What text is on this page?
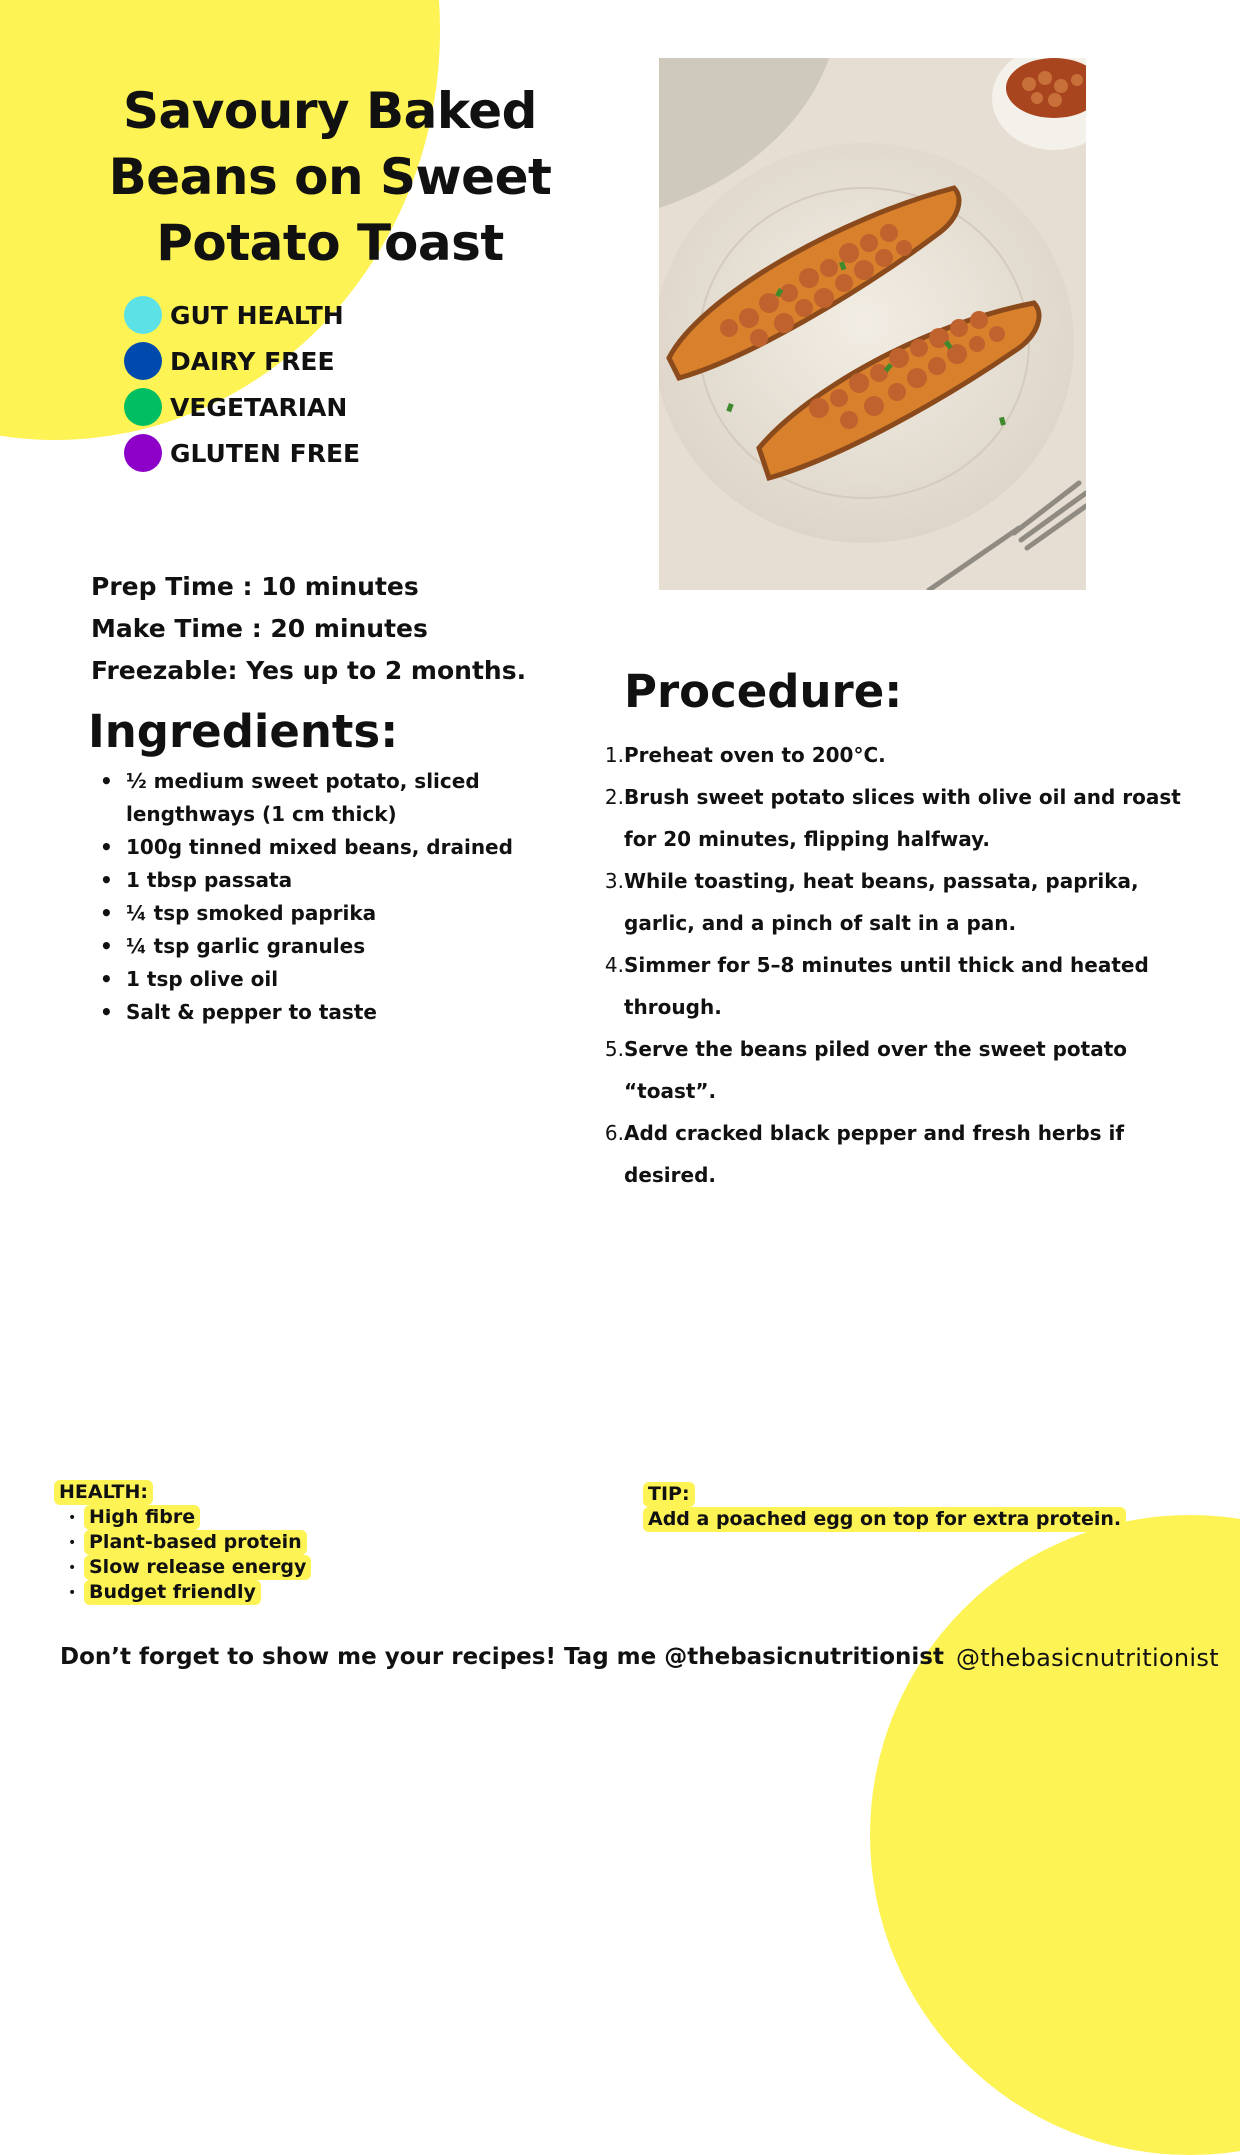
Savoury Baked Beans on Sweet Potato Toast
GUT HEALTH
DAIRY FREE
VEGETARIAN
GLUTEN FREE
Prep Time : 10 minutes
Make Time : 20 minutes
Freezable: Yes up to 2 months.
Ingredients:
• ½ medium sweet potato, sliced lengthways (1 cm thick)
• 100g tinned mixed beans, drained
• 1 tbsp passata
• ¼ tsp smoked paprika
• ¼ tsp garlic granules
• 1 tsp olive oil
• Salt & pepper to taste
Procedure:
1. Preheat oven to 200°C.
2. Brush sweet potato slices with olive oil and roast for 20 minutes, flipping halfway.
3. While toasting, heat beans, passata, paprika, garlic, and a pinch of salt in a pan.
4. Simmer for 5–8 minutes until thick and heated through.
5. Serve the beans piled over the sweet potato “toast”.
6. Add cracked black pepper and fresh herbs if desired.
HEALTH:
• High fibre
• Plant-based protein
• Slow release energy
• Budget friendly
TIP:
Add a poached egg on top for extra protein.
Don’t forget to show me your recipes! Tag me @thebasicnutritionist @thebasicnutritionist
